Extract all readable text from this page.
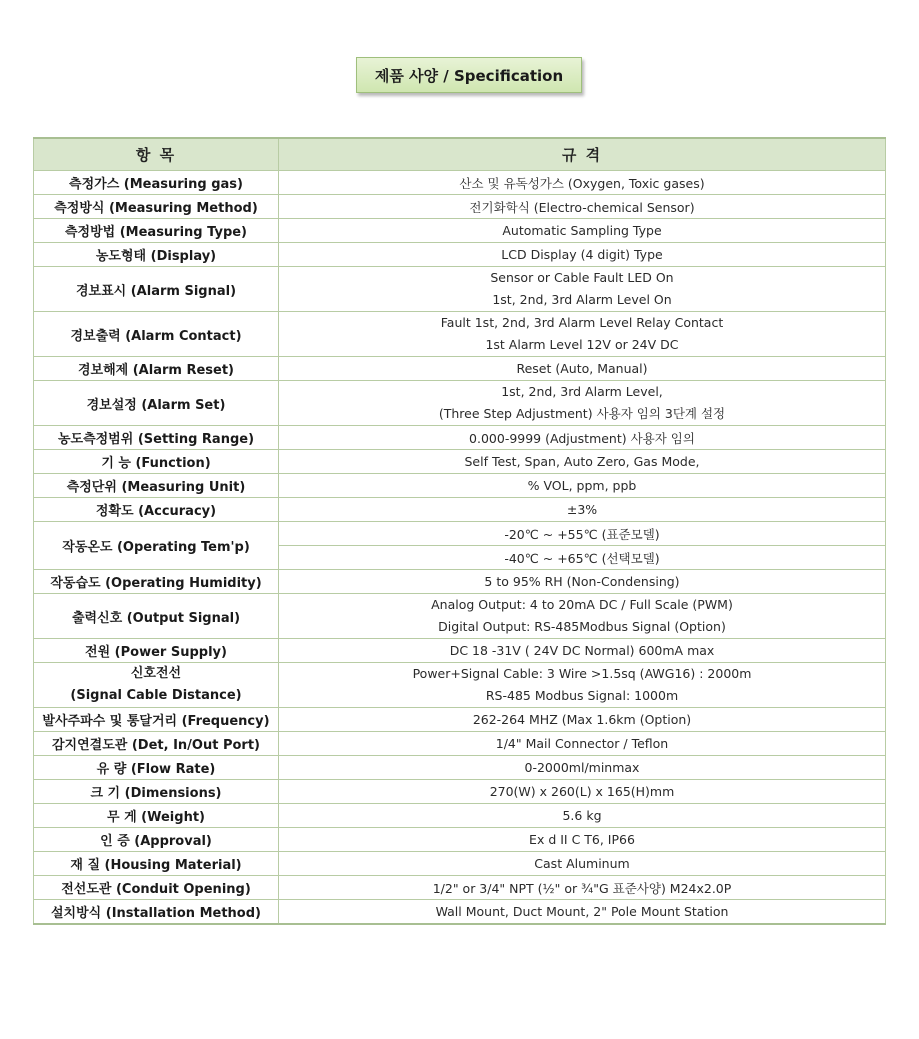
제품 사양 / Specification
항 목	규 격
측정가스 (Measuring gas)	산소 및 유독성가스 (Oxygen, Toxic gases)
측정방식 (Measuring Method)	전기화학식 (Electro-chemical Sensor)
측정방법 (Measuring Type)	Automatic Sampling Type
농도형태 (Display)	LCD Display (4 digit) Type
경보표시 (Alarm Signal)	Sensor or Cable Fault LED On
1st, 2nd, 3rd Alarm Level On

경보출력 (Alarm Contact)	Fault 1st, 2nd, 3rd Alarm Level Relay Contact
1st Alarm Level 12V or 24V DC

경보해제 (Alarm Reset)	Reset (Auto, Manual)
경보설정 (Alarm Set)	1st, 2nd, 3rd Alarm Level,
(Three Step Adjustment) 사용자 임의 3단계 설정

농도측정범위 (Setting Range)	0.000-9999 (Adjustment) 사용자 임의
기 능 (Function)	Self Test, Span, Auto Zero, Gas Mode,
측정단위 (Measuring Unit)	% VOL, ppm, ppb
정확도 (Accuracy)	±3%
작동온도 (Operating Tem'p)	-20℃ ~ +55℃ (표준모델)
	-40℃ ~ +65℃ (선택모델)
작동습도 (Operating Humidity)	5 to 95% RH (Non-Condensing)
출력신호 (Output Signal)	Analog Output: 4 to 20mA DC / Full Scale (PWM)
Digital Output: RS-485Modbus Signal (Option)

전원 (Power Supply)	DC 18 -31V ( 24V DC Normal) 600mA max

신호전선
(Signal Cable Distance)	Power+Signal Cable: 3 Wire >1.5sq (AWG16) : 2000m
RS-485 Modbus Signal: 1000m

발사주파수 및 통달거리 (Frequency)	262-264 MHZ (Max 1.6km (Option)
감지연결도관 (Det, In/Out Port)	1/4" Mail Connector / Teflon
유 량 (Flow Rate)	0-2000ml/minmax
크 기 (Dimensions)	270(W) x 260(L) x 165(H)mm
무 게 (Weight)	5.6 kg
인 증 (Approval)	Ex d II C T6, IP66
재 질 (Housing Material)	Cast Aluminum
전선도관 (Conduit Opening)	1/2" or 3/4" NPT (½" or ¾"G 표준사양) M24x2.0P
설치방식 (Installation Method)	Wall Mount, Duct Mount, 2" Pole Mount Station
